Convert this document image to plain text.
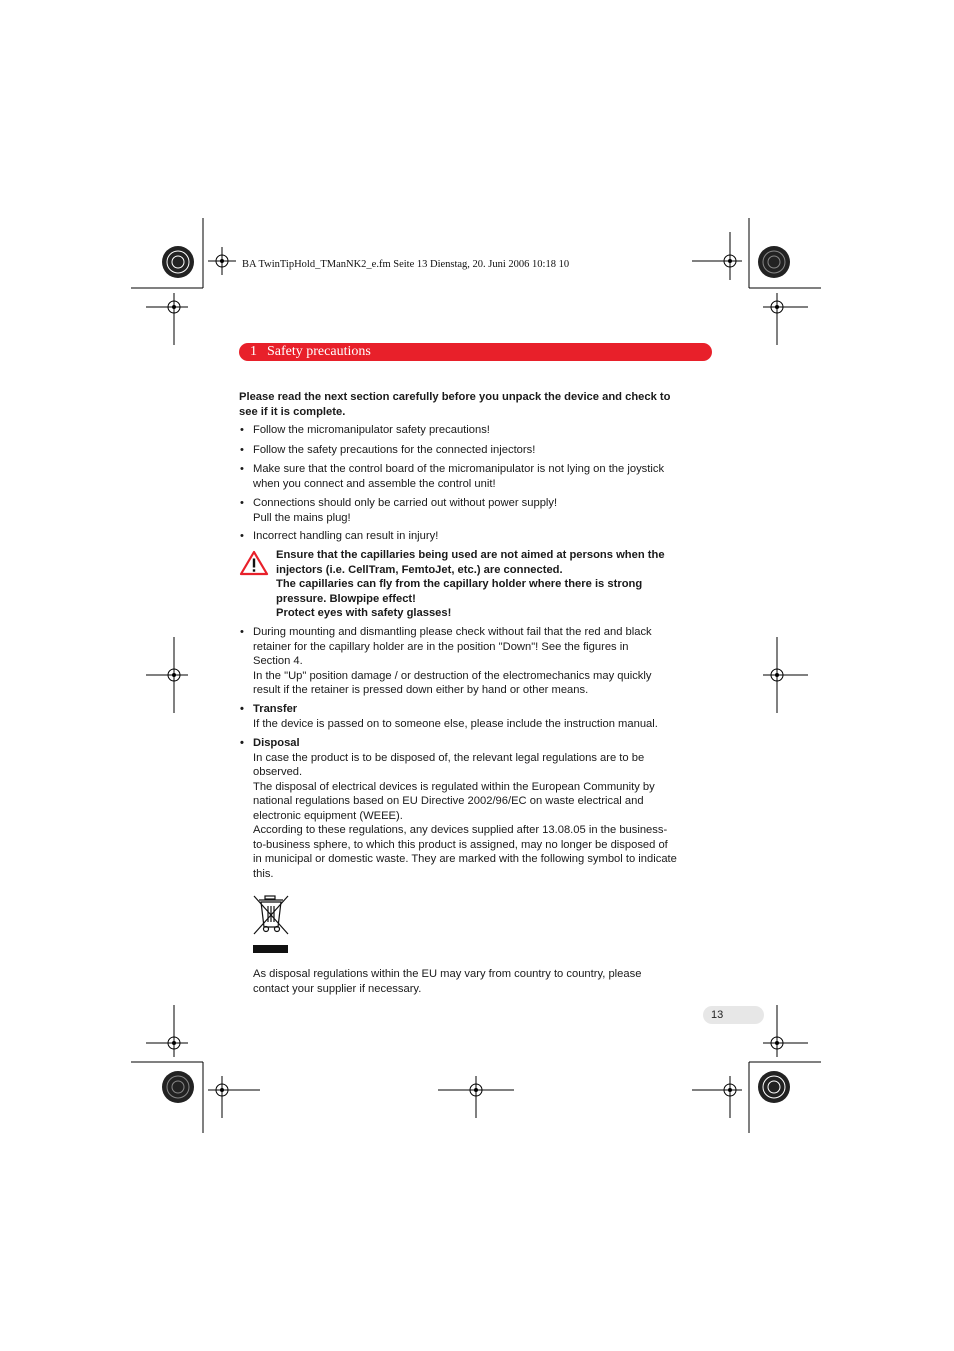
BA TwinTipHold_TManNK2_e.fm Seite 13 Dienstag, 20. Juni 2006 10:18 10
1 Safety precautions
Please read the next section carefully before you unpack the device and check to
see if it is complete.
• Follow the micromanipulator safety precautions!
• Follow the safety precautions for the connected injectors!
• Make sure that the control board of the micromanipulator is not lying on the joystick
when you connect and assemble the control unit!
• Connections should only be carried out without power supply!
Pull the mains plug!
• Incorrect handling can result in injury!
Ensure that the capillaries being used are not aimed at persons when the
injectors (i.e. CellTram, FemtoJet, etc.) are connected.
The capillaries can fly from the capillary holder where there is strong
pressure. Blowpipe effect!
Protect eyes with safety glasses!
• During mounting and dismantling please check without fail that the red and black
retainer for the capillary holder are in the position "Down"! See the figures in
Section 4.
In the "Up" position damage / or destruction of the electromechanics may quickly
result if the retainer is pressed down either by hand or other means.
• Transfer
If the device is passed on to someone else, please include the instruction manual.
• Disposal
In case the product is to be disposed of, the relevant legal regulations are to be
observed.
The disposal of electrical devices is regulated within the European Community by
national regulations based on EU Directive 2002/96/EC on waste electrical and
electronic equipment (WEEE).
According to these regulations, any devices supplied after 13.08.05 in the business-
to-business sphere, to which this product is assigned, may no longer be disposed of
in municipal or domestic waste. They are marked with the following symbol to indicate
this.
As disposal regulations within the EU may vary from country to country, please
contact your supplier if necessary.
13
